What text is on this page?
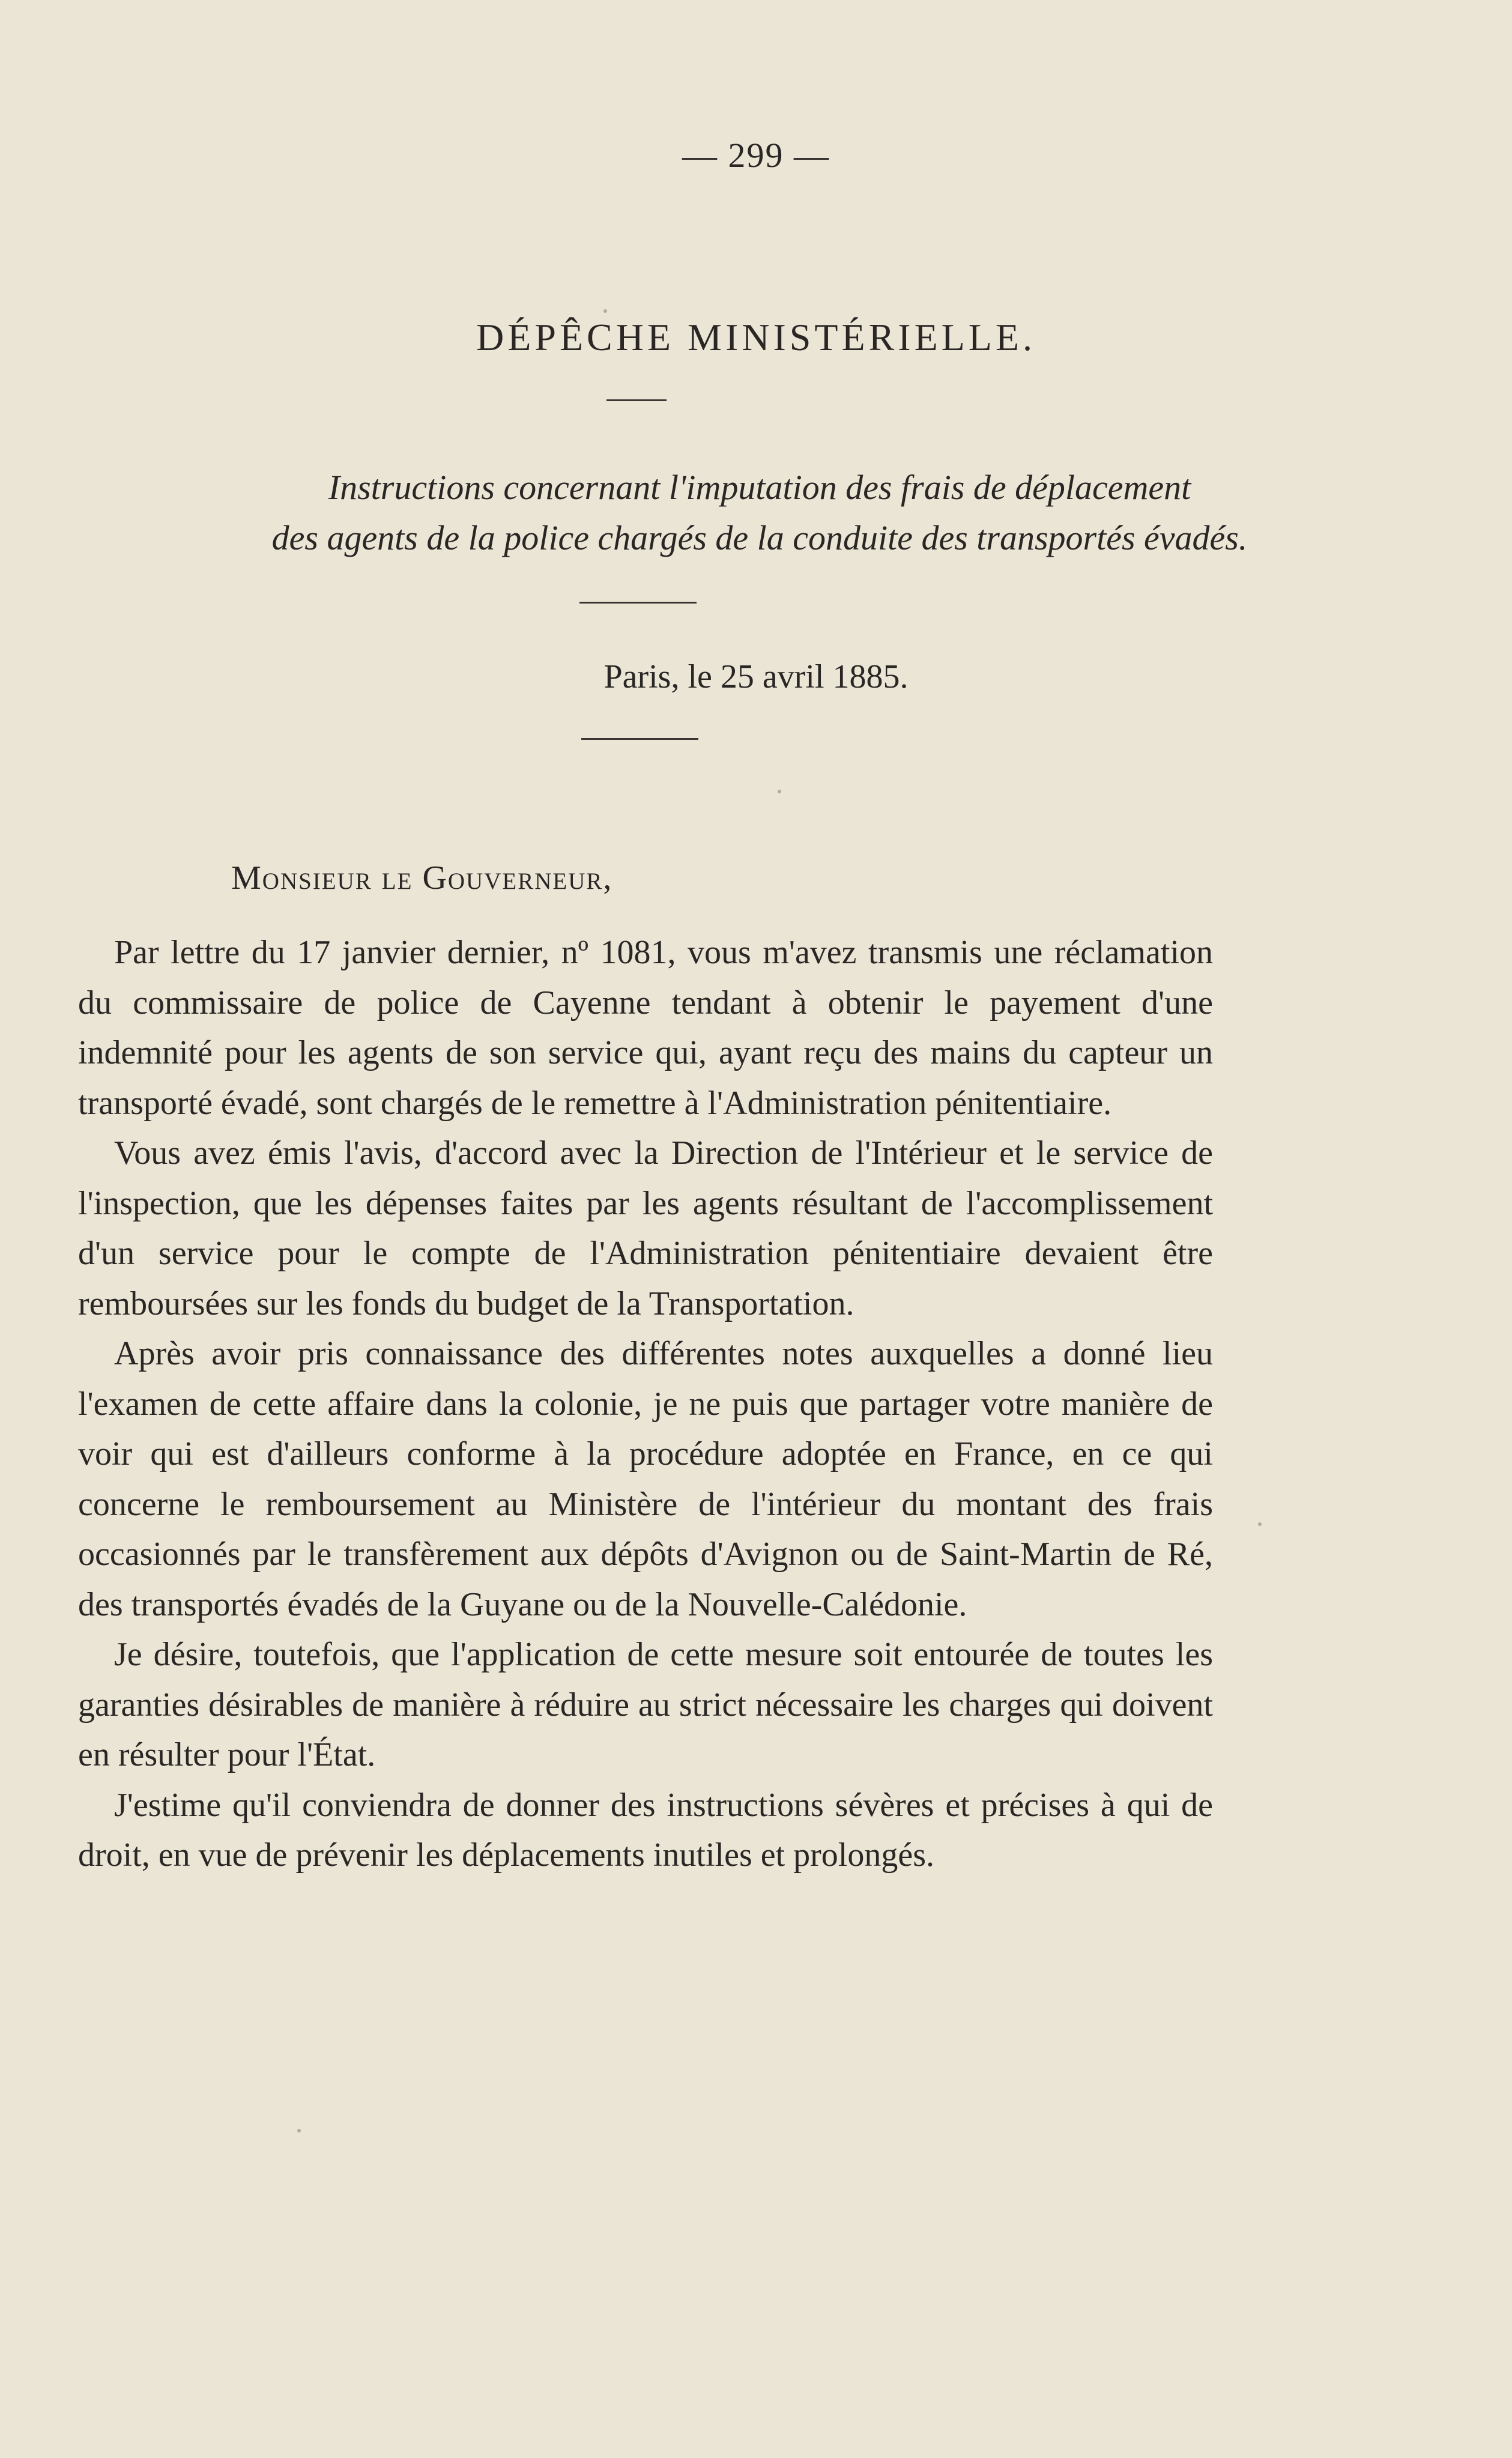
— 299 —
DÉPÊCHE MINISTÉRIELLE.
Instructions concernant l'imputation des frais de déplacement
des agents de la police chargés de la conduite des transportés évadés.
Paris, le 25 avril 1885.
Monsieur le Gouverneur,

Par lettre du 17 janvier dernier, nº 1081, vous m'avez transmis une réclamation du commissaire de police de Cayenne tendant à obtenir le payement d'une indemnité pour les agents de son service qui, ayant reçu des mains du capteur un transporté évadé, sont chargés de le remettre à l'Administration pénitentiaire.

Vous avez émis l'avis, d'accord avec la Direction de l'Intérieur et le service de l'inspection, que les dépenses faites par les agents résultant de l'accomplissement d'un service pour le compte de l'Administration pénitentiaire devaient être remboursées sur les fonds du budget de la Transportation.

Après avoir pris connaissance des différentes notes auxquelles a donné lieu l'examen de cette affaire dans la colonie, je ne puis que partager votre manière de voir qui est d'ailleurs conforme à la procédure adoptée en France, en ce qui concerne le remboursement au Ministère de l'intérieur du montant des frais occasionnés par le transfèrement aux dépôts d'Avignon ou de Saint-Martin de Ré, des transportés évadés de la Guyane ou de la Nouvelle-Calédonie.

Je désire, toutefois, que l'application de cette mesure soit entourée de toutes les garanties désirables de manière à réduire au strict nécessaire les charges qui doivent en résulter pour l'État.

J'estime qu'il conviendra de donner des instructions sévères et précises à qui de droit, en vue de prévenir les déplacements inutiles et prolongés.
